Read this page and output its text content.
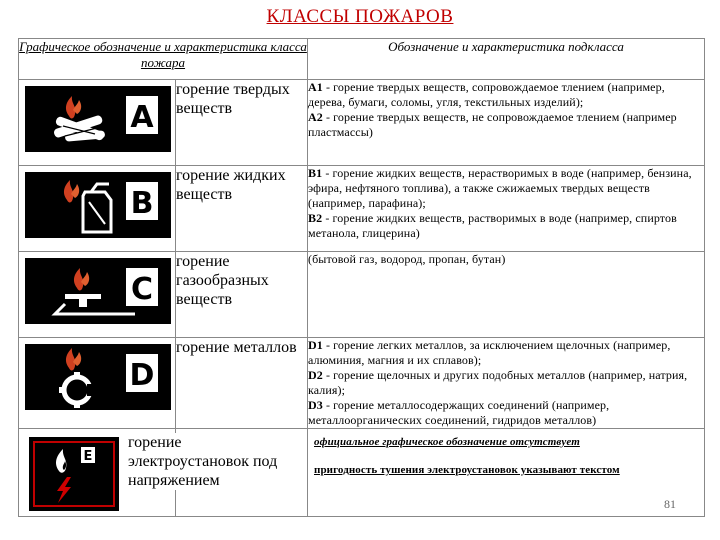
КЛАССЫ ПОЖАРОВ
Графическое обозначение и характеристика класса пожара		Обозначение и характеристика подкласса

A	горение твердых веществ	A1 - горение твердых веществ, сопровождаемое тлением (например, дерева, бумаги, соломы, угля, текстильных изделий);
A2 - горение твердых веществ, не сопровождаемое тлением (например пластмассы)

B	горение жидких веществ	B1 - горение жидких веществ, нерастворимых в воде (например, бензина, эфира, нефтяного топлива), а также сжижаемых твердых веществ (например, парафина);
B2 - горение жидких веществ, растворимых в воде (например, спиртов метанола, глицерина)

C	горение газообразных веществ	(бытовой газ, водород, пропан, бутан)

D	горение металлов	D1 - горение легких металлов, за исключением щелочных (например, алюминия, магния и их сплавов);
D2 - горение щелочных и других подобных металлов (например, натрия, калия);
D3 - горение металлосодержащих соединений (например, металлоорганических соединений, гидридов металлов)

E	горение электроустановок под напряжением	официальное графическое обозначение отсутствует
пригодность тушения электроустановок указывают текстом
81
